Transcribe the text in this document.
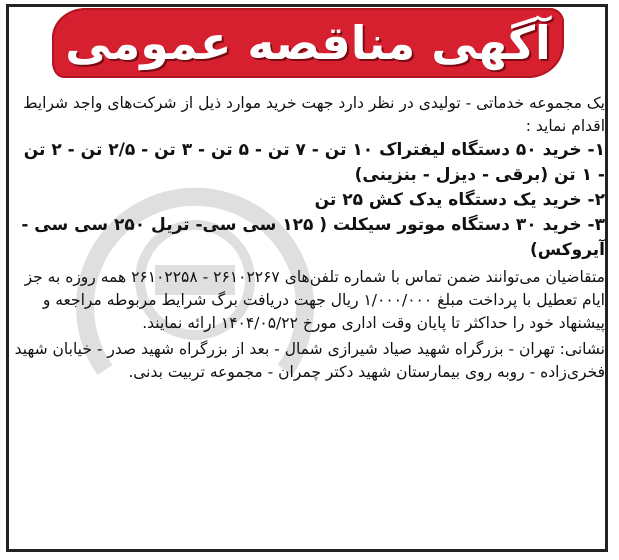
آگهی مناقصه عمومی

یک مجموعه خدماتی - تولیدی در نظر دارد جهت خرید موارد ذیل از شرکت‌های واجد شرایط اقدام نماید :

۱- خرید ۵۰ دستگاه لیفتراک ۱۰ تن - ۷ تن - ۵ تن - ۳ تن - ۲/۵ تن - ۲ تن - ۱ تن (برقی - دیزل - بنزینی)

۲- خرید یک دستگاه یدک کش ۲۵ تن

۳- خرید ۳۰ دستگاه موتور سیکلت ( ۱۲۵ سی سی- تریل ۲۵۰ سی سی - آیروکس)

متقاضیان می‌توانند ضمن تماس با شماره تلفن‌های ۲۶۱۰۲۲۶۷ - ۲۶۱۰۲۲۵۸ همه روزه به جز ایام تعطیل با پرداخت مبلغ ۱/۰۰۰/۰۰۰ ریال جهت دریافت برگ شرایط مربوطه مراجعه و پیشنهاد خود را حداکثر تا پایان وقت اداری مورخ ۱۴۰۴/۰۵/۲۲ ارائه نمایند.

نشانی: تهران - بزرگراه شهید صیاد شیرازی شمال - بعد از بزرگراه شهید صدر - خیابان شهید فخری‌زاده - روبه روی بیمارستان شهید دکتر چمران - مجموعه تربیت بدنی.
